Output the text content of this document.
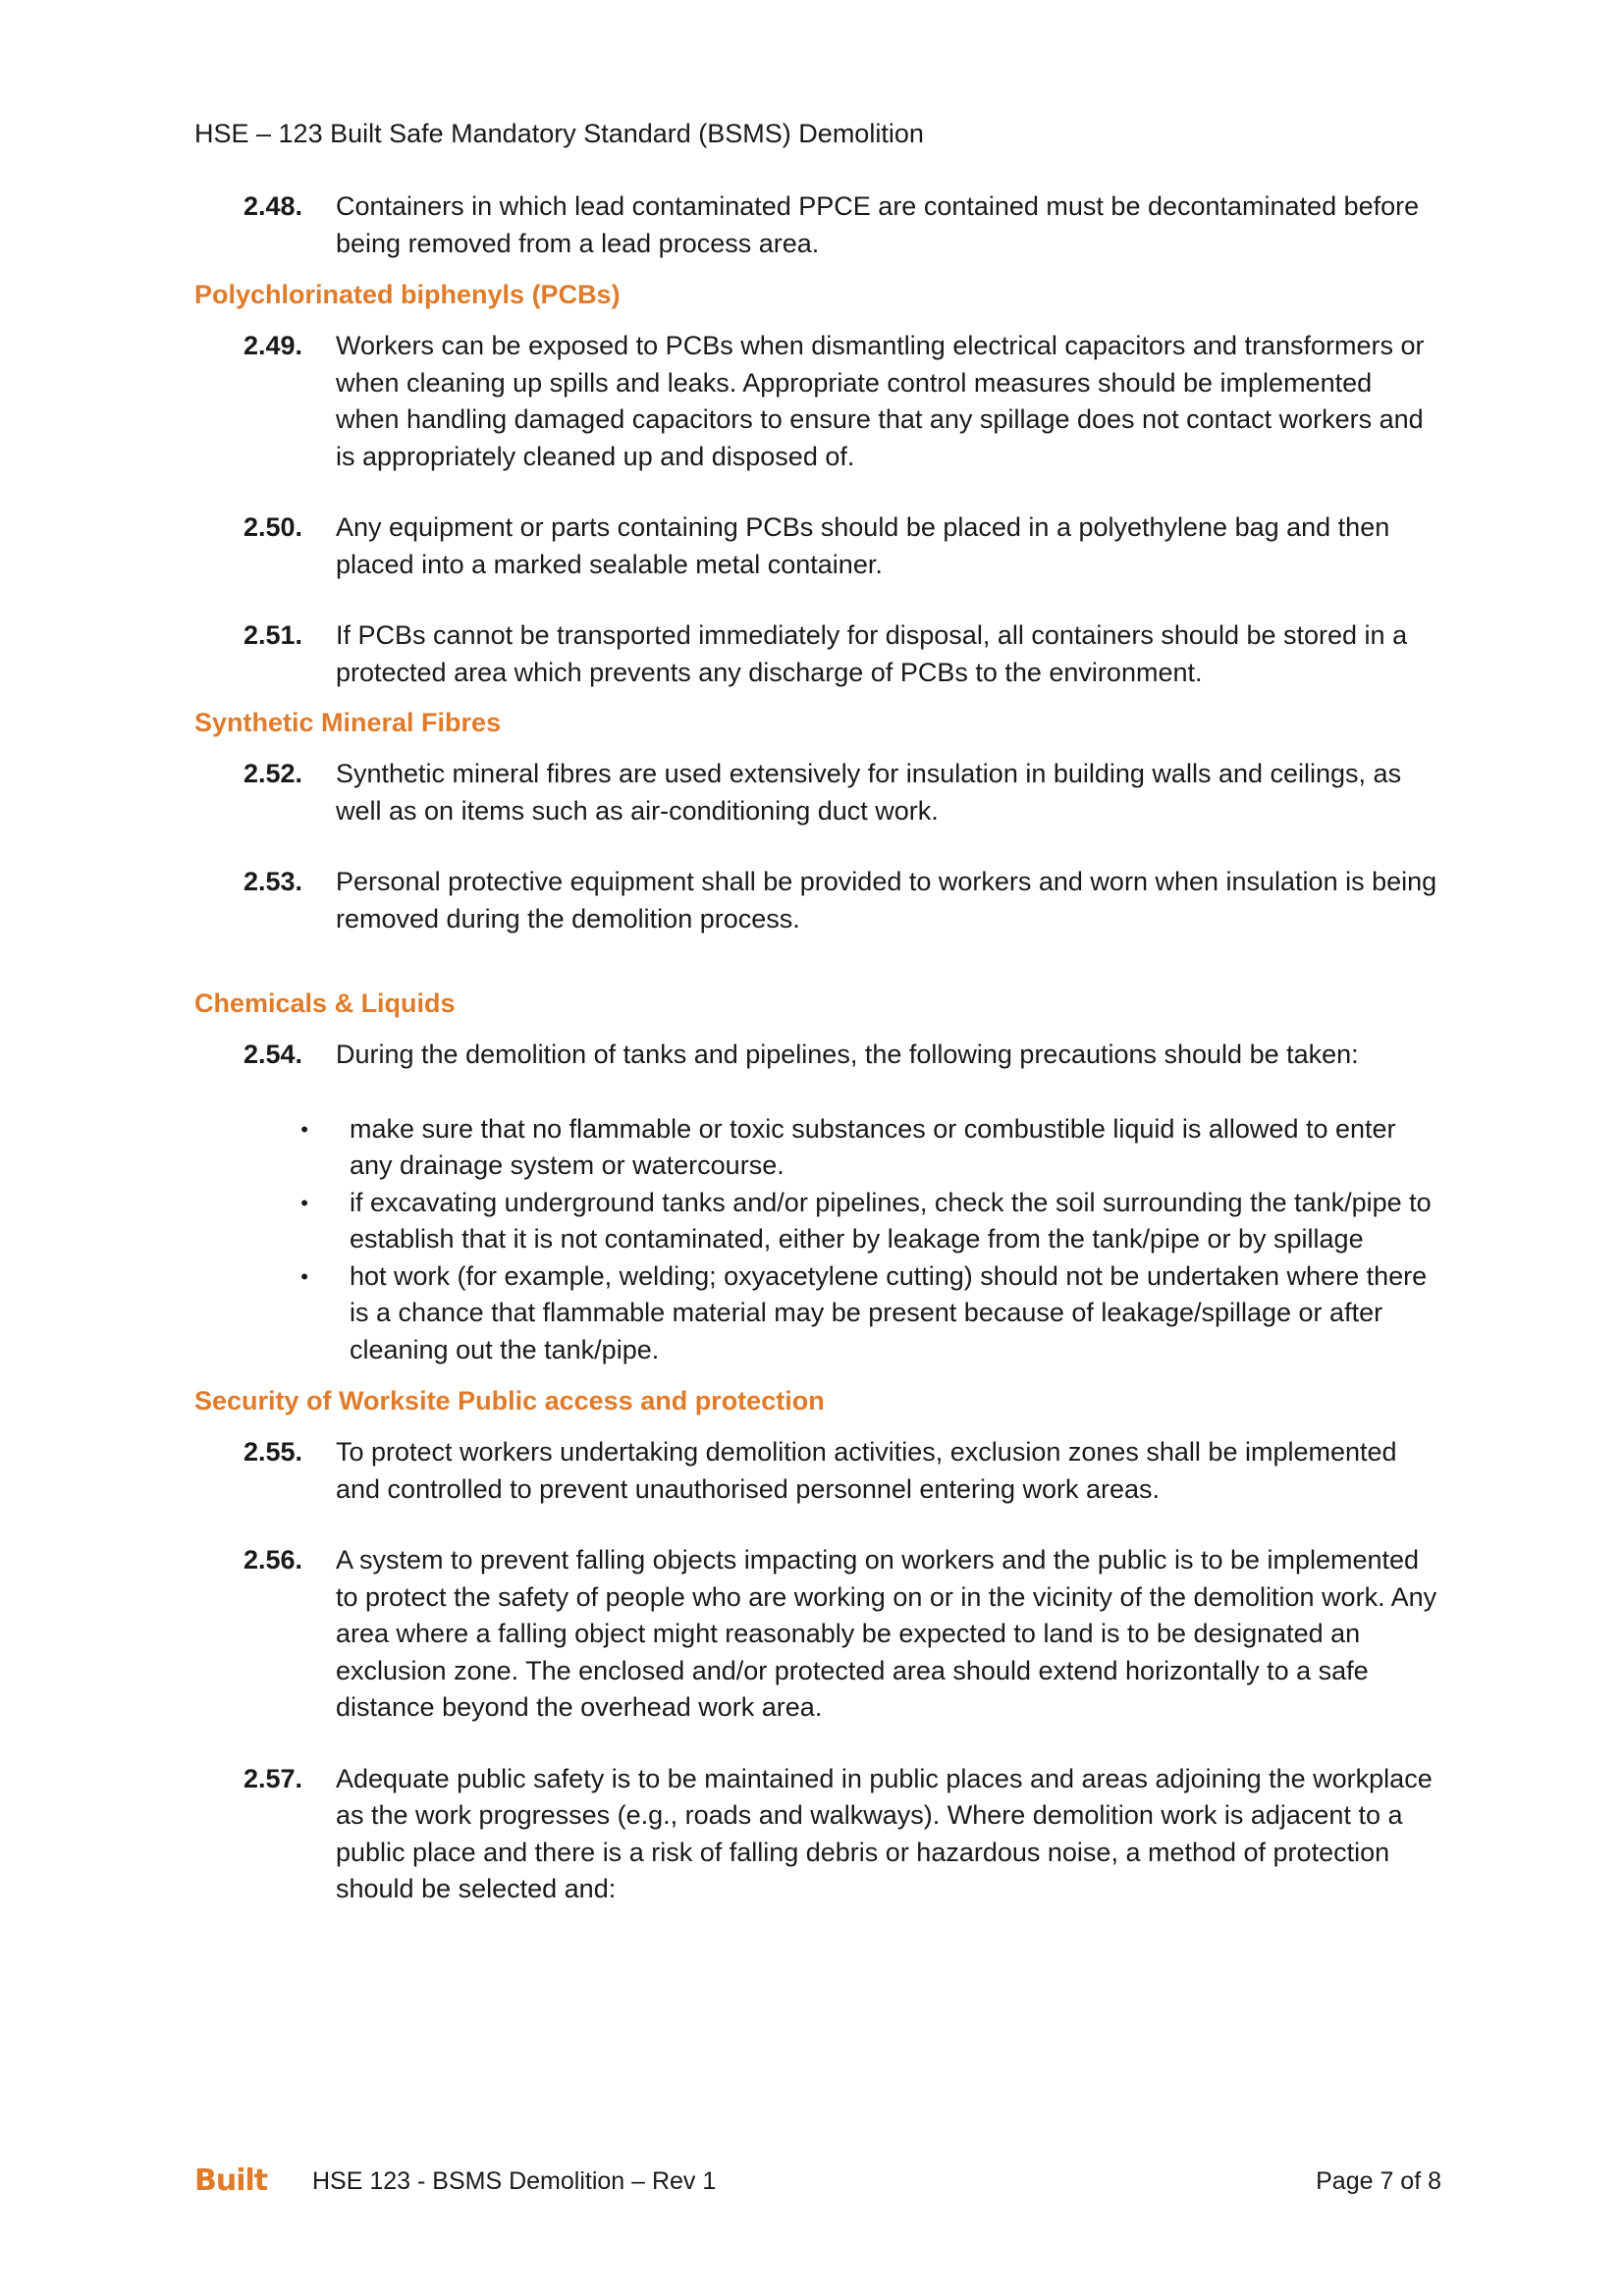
HSE – 123 Built Safe Mandatory Standard (BSMS) Demolition
2.48.	Containers in which lead contaminated PPCE are contained must be decontaminated before being removed from a lead process area.
Polychlorinated biphenyls (PCBs)
2.49.	Workers can be exposed to PCBs when dismantling electrical capacitors and transformers or when cleaning up spills and leaks. Appropriate control measures should be implemented when handling damaged capacitors to ensure that any spillage does not contact workers and is appropriately cleaned up and disposed of.
2.50.	Any equipment or parts containing PCBs should be placed in a polyethylene bag and then placed into a marked sealable metal container.
2.51.	If PCBs cannot be transported immediately for disposal, all containers should be stored in a protected area which prevents any discharge of PCBs to the environment.
Synthetic Mineral Fibres
2.52.	Synthetic mineral fibres are used extensively for insulation in building walls and ceilings, as well as on items such as air-conditioning duct work.
2.53.	Personal protective equipment shall be provided to workers and worn when insulation is being removed during the demolition process.
Chemicals & Liquids
2.54.	During the demolition of tanks and pipelines, the following precautions should be taken:
•	make sure that no flammable or toxic substances or combustible liquid is allowed to enter any drainage system or watercourse.
•	if excavating underground tanks and/or pipelines, check the soil surrounding the tank/pipe to establish that it is not contaminated, either by leakage from the tank/pipe or by spillage
•	hot work (for example, welding; oxyacetylene cutting) should not be undertaken where there is a chance that flammable material may be present because of leakage/spillage or after cleaning out the tank/pipe.
Security of Worksite Public access and protection
2.55.	To protect workers undertaking demolition activities, exclusion zones shall be implemented and controlled to prevent unauthorised personnel entering work areas.
2.56.	A system to prevent falling objects impacting on workers and the public is to be implemented to protect the safety of people who are working on or in the vicinity of the demolition work. Any area where a falling object might reasonably be expected to land is to be designated an exclusion zone. The enclosed and/or protected area should extend horizontally to a safe distance beyond the overhead work area.
2.57.	Adequate public safety is to be maintained in public places and areas adjoining the workplace as the work progresses (e.g., roads and walkways). Where demolition work is adjacent to a public place and there is a risk of falling debris or hazardous noise, a method of protection should be selected and:
Built HSE 123 - BSMS Demolition – Rev 1	Page 7 of 8
